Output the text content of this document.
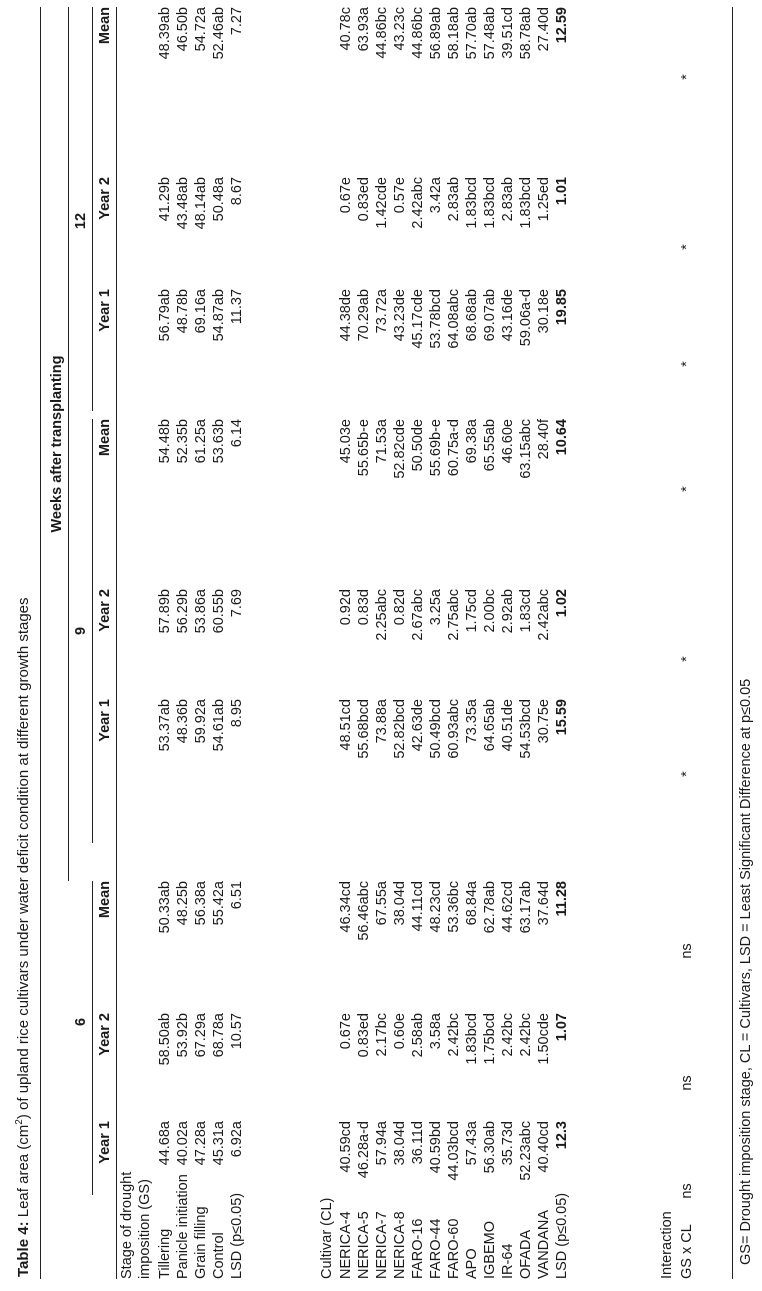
Table 4: Leaf area $(cm^2)$ of upland rice cultivars under water deficit condition at different growth stages
Weeks after transplanting
6
9
12
Year 1
Year 2
Mean
Year 1
Year 2
Mean
Year 1
Year 2
Mean
Stage of drought imposition (GS) Tillering
44.68a
58.50ab
50.33ab
53.37ab
57.89b
54.48b
56.79ab
41.29b
48.39ab
Panicle initiation
40.02a
53.92b
48.25b
48.36b
56.29b
52.35b
48.78b
43.48ab
46.50b
Grain filling
47.28a
67.29a
56.38a
59.92a
53.86a
61.25a
69.16a
48.14ab
54.72a
Control
45.31a
68.78a
55.42a
54.61ab
60.55b
53.63b
54.87ab
50.48a
52.46ab
LSD (p≤0.05)
6.92a
10.57
6.51
8.95
7.69
6.14
11.37
8.67
7.27
Cultivar (CL) NERICA-4
40.59cd
0.67e
46.34cd
48.51cd
0.92d
45.03e
44.38de
0.67e
40.78c
NERICA-5
46.28a-d
0.83ed
56.46abc
55.68bcd
0.83d
55.65b-e
70.29ab
0.83ed
63.93a
NERICA-7
57.94a
2.17bc
67.55a
73.88a
2.25abc
71.53a
73.72a
1.42cde
44.86bc
NERICA-8
38.04d
0.60e
38.04d
52.82bcd
0.82d
52.82cde
43.23de
0.57e
43.23c
FARO-16
36.11d
2.58ab
44.11cd
42.63de
2.67abc
50.50de
45.17cde
2.42abc
44.86bc
FARO-44
40.59bd
3.58a
48.23cd
50.49bcd
3.25a
55.69b-e
53.78bcd
3.42a
56.89ab
FARO-60
44.03bcd
2.42bc
53.36bc
60.93abc
2.75abc
60.75a-d
64.08abc
2.83ab
58.18ab
APO
57.43a
1.83bcd
68.84a
73.35a
1.75cd
69.38a
68.68ab
1.83bcd
57.70ab
IGBEMO
56.30ab
1.75bcd
62.78ab
64.65ab
2.00bc
65.55ab
69.07ab
1.83bcd
57.48ab
IR-64
35.73d
2.42bc
44.62cd
40.51de
2.92ab
46.60e
43.16de
2.83ab
39.51cd
OFADA
52.23abc
2.42bc
63.17ab
54.53bcd
1.83cd
63.15abc
59.06a-d
1.83bcd
58.78ab
VANDANA
40.40cd
1.50cde
37.64d
30.75e
2.42abc
28.40f
30.18e
1.25ed
27.40d
LSD (p≤0.05)
12.3
1.07
11.28
15.59
1.02
10.64
19.85
1.01
12.59
Interaction GS x CL
ns
ns
ns
*
*
*
*
*
*
GS= Drought imposition stage, CL = Cultivars, LSD = Least Significant Difference at p≤0.05
